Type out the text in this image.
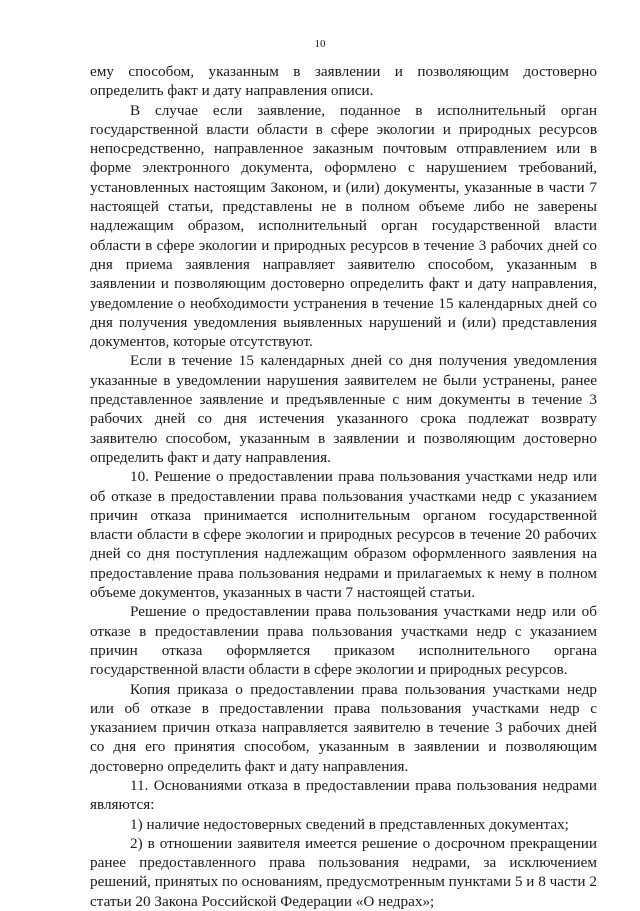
10

ему способом, указанным в заявлении и позволяющим достоверно определить факт и дату направления описи.

В случае если заявление, поданное в исполнительный орган государственной власти области в сфере экологии и природных ресурсов непосредственно, направленное заказным почтовым отправлением или в форме электронного документа, оформлено с нарушением требований, установленных настоящим Законом, и (или) документы, указанные в части 7 настоящей статьи, представлены не в полном объеме либо не заверены надлежащим образом, исполнительный орган государственной власти области в сфере экологии и природных ресурсов в течение 3 рабочих дней со дня приема заявления направляет заявителю способом, указанным в заявлении и позволяющим достоверно определить факт и дату направления, уведомление о необходимости устранения в течение 15 календарных дней со дня получения уведомления выявленных нарушений и (или) представления документов, которые отсутствуют.

Если в течение 15 календарных дней со дня получения уведомления указанные в уведомлении нарушения заявителем не были устранены, ранее представленное заявление и предъявленные с ним документы в течение 3 рабочих дней со дня истечения указанного срока подлежат возврату заявителю способом, указанным в заявлении и позволяющим достоверно определить факт и дату направления.

10. Решение о предоставлении права пользования участками недр или об отказе в предоставлении права пользования участками недр с указанием причин отказа принимается исполнительным органом государственной власти области в сфере экологии и природных ресурсов в течение 20 рабочих дней со дня поступления надлежащим образом оформленного заявления на предоставление права пользования недрами и прилагаемых к нему в полном объеме документов, указанных в части 7 настоящей статьи.

Решение о предоставлении права пользования участками недр или об отказе в предоставлении права пользования участками недр с указанием причин отказа оформляется приказом исполнительного органа государственной власти области в сфере экологии и природных ресурсов.

Копия приказа о предоставлении права пользования участками недр или об отказе в предоставлении права пользования участками недр с указанием причин отказа направляется заявителю в течение 3 рабочих дней со дня его принятия способом, указанным в заявлении и позволяющим достоверно определить факт и дату направления.

11. Основаниями отказа в предоставлении права пользования недрами являются:

1) наличие недостоверных сведений в представленных документах;

2) в отношении заявителя имеется решение о досрочном прекращении ранее предоставленного права пользования недрами, за исключением решений, принятых по основаниям, предусмотренным пунктами 5 и 8 части 2 статьи 20 Закона Российской Федерации «О недрах»;
